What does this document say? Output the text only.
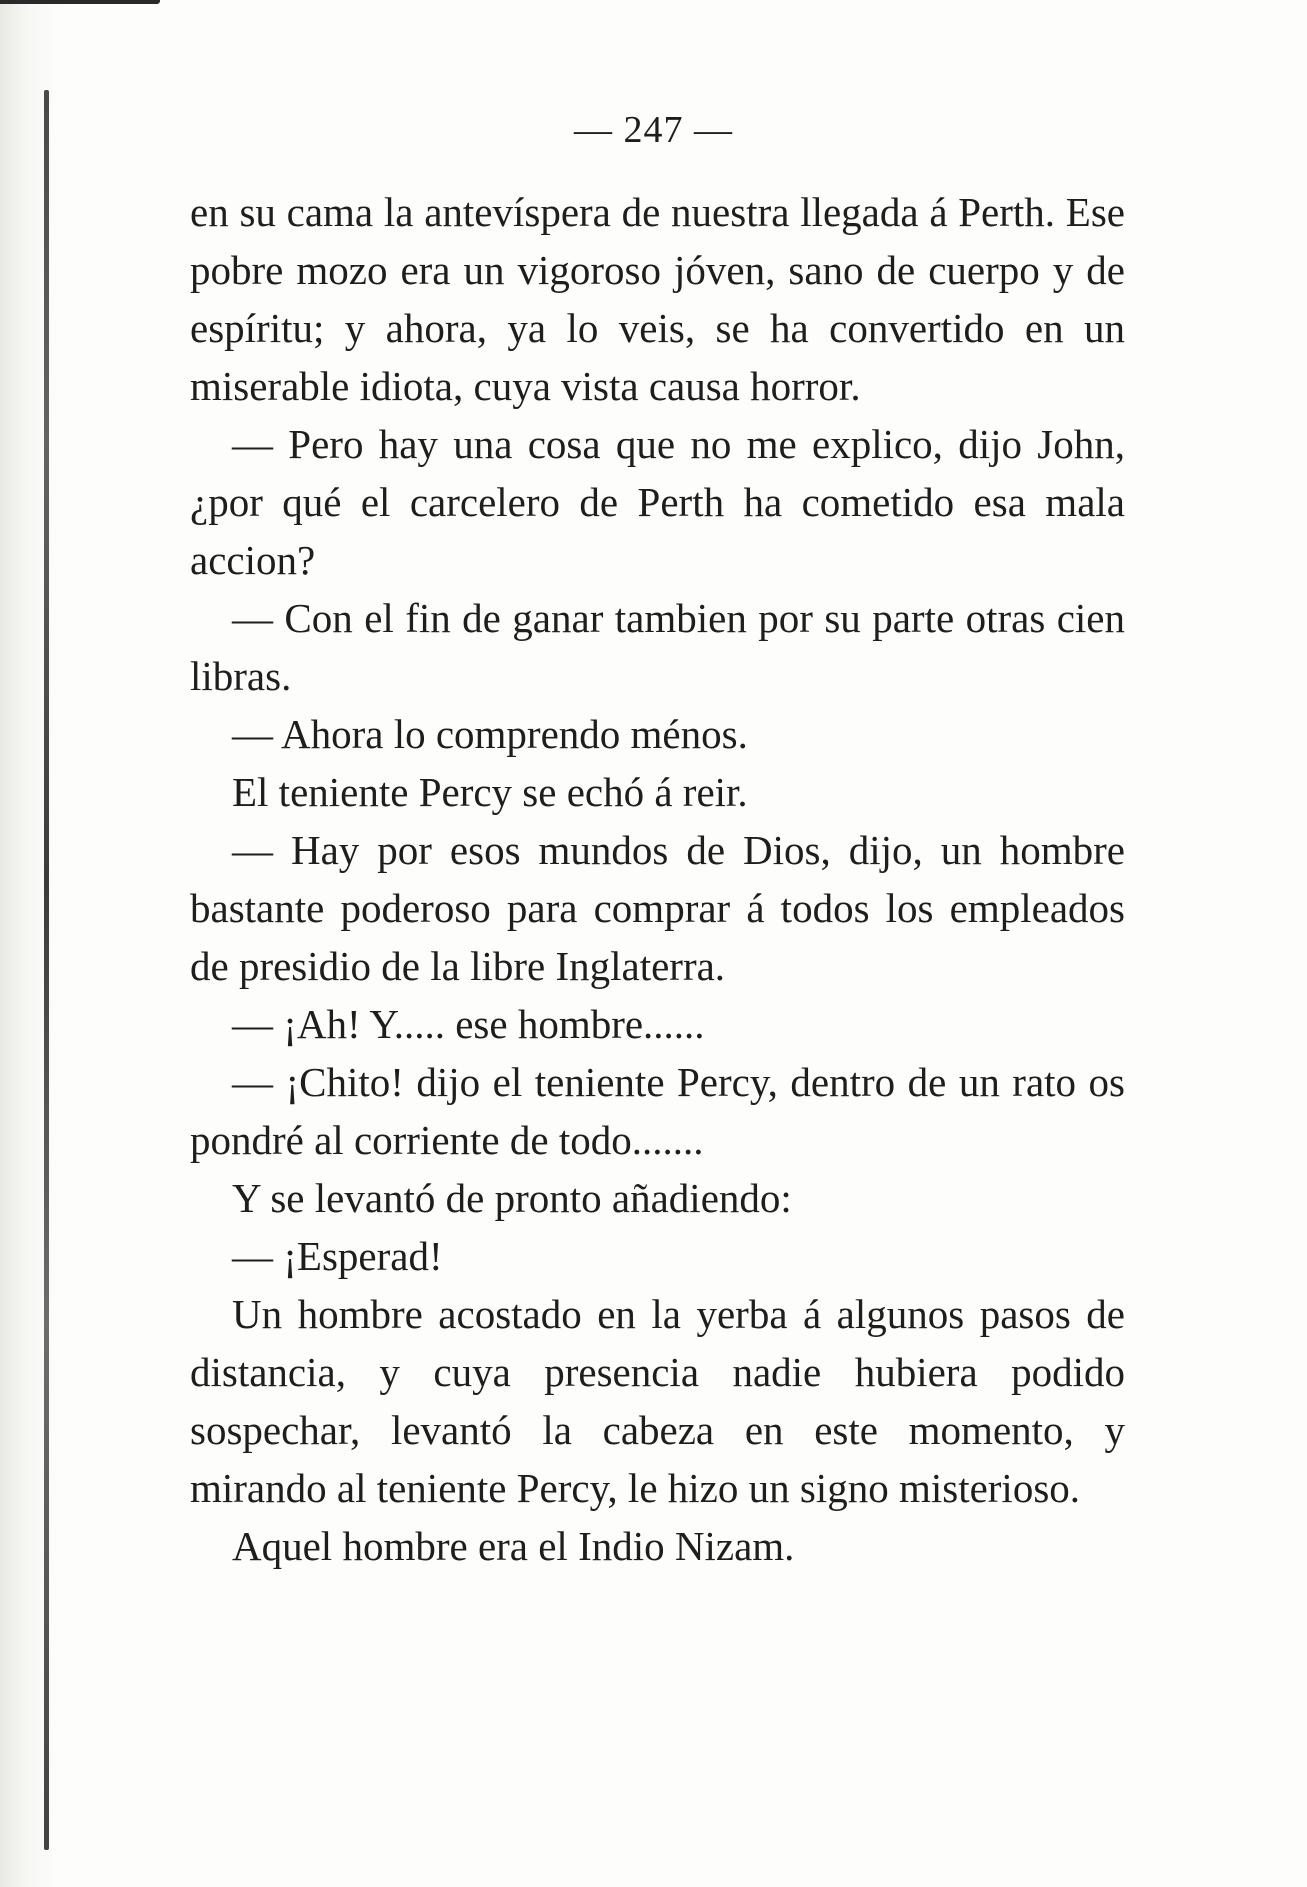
— 247 —

en su cama la antevíspera de nuestra llegada á Perth. Ese pobre mozo era un vigoroso jóven, sano de cuerpo y de espíritu; y ahora, ya lo veis, se ha convertido en un miserable idiota, cuya vista causa horror.

— Pero hay una cosa que no me explico, dijo John, ¿por qué el carcelero de Perth ha cometido esa mala accion?

— Con el fin de ganar tambien por su parte otras cien libras.

— Ahora lo comprendo ménos.

El teniente Percy se echó á reir.

— Hay por esos mundos de Dios, dijo, un hombre bastante poderoso para comprar á todos los empleados de presidio de la libre Inglaterra.

— ¡Ah! Y..... ese hombre......

— ¡Chito! dijo el teniente Percy, dentro de un rato os pondré al corriente de todo.......

Y se levantó de pronto añadiendo:

— ¡Esperad!

Un hombre acostado en la yerba á algunos pasos de distancia, y cuya presencia nadie hubiera podido sospechar, levantó la cabeza en este momento, y mirando al teniente Percy, le hizo un signo misterioso.

Aquel hombre era el Indio Nizam.
